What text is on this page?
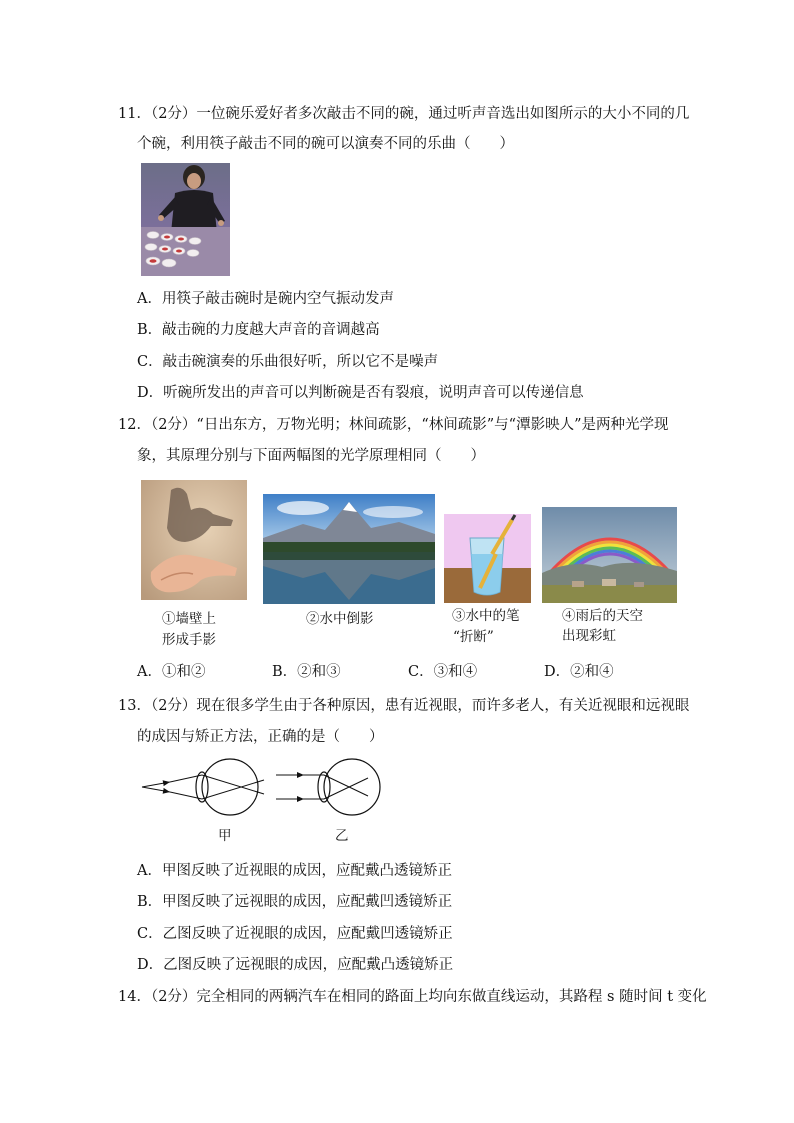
11．（2分）一位碗乐爱好者多次敲击不同的碗，通过听声音选出如图所示的大小不同的几
个碗，利用筷子敲击不同的碗可以演奏不同的乐曲（　　）
A．用筷子敲击碗时是碗内空气振动发声
B．敲击碗的力度越大声音的音调越高
C．敲击碗演奏的乐曲很好听，所以它不是噪声
D．听碗所发出的声音可以判断碗是否有裂痕，说明声音可以传递信息
12．（2分）“日出东方，万物光明；林间疏影，“林间疏影”与“潭影映人”是两种光学现
象，其原理分别与下面两幅图的光学原理相同（　　）
①墙壁上
形成手影
②水中倒影	③水中的笔
“折断”
④雨后的天空
出现彩虹
A．①和②	B．②和③	C．③和④	D．②和④
13．（2分）现在很多学生由于各种原因，患有近视眼，而许多老人，有关近视眼和远视眼
的成因与矫正方法，正确的是（　　）
甲	乙
A．甲图反映了近视眼的成因，应配戴凸透镜矫正
B．甲图反映了远视眼的成因，应配戴凹透镜矫正
C．乙图反映了近视眼的成因，应配戴凹透镜矫正
D．乙图反映了远视眼的成因，应配戴凸透镜矫正
14．（2分）完全相同的两辆汽车在相同的路面上均向东做直线运动，其路程 s 随时间 t 变化
